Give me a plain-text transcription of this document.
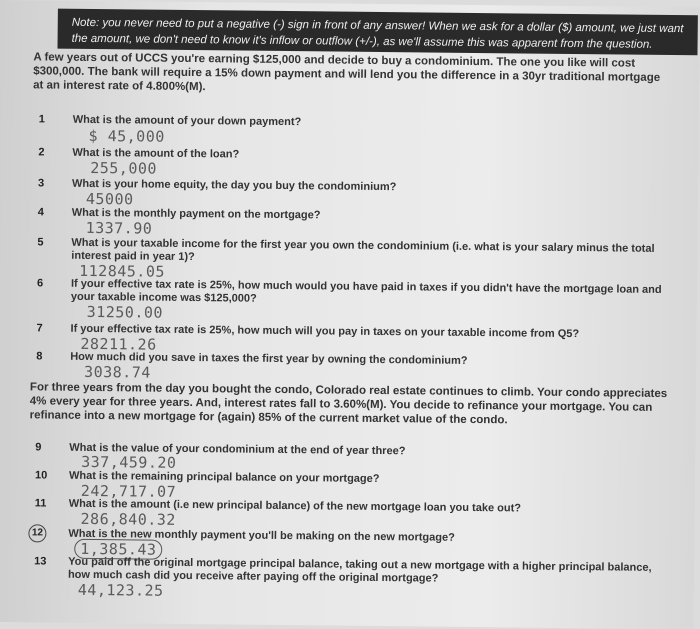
Note: you never need to put a negative (-) sign in front of any answer! When we ask for a dollar ($) amount, we just want the amount, we don't need to know it's inflow or outflow (+/-), as we'll assume this was apparent from the question.
A few years out of UCCS you're earning $125,000 and decide to buy a condominium. The one you like will cost $300,000. The bank will require a 15% down payment and will lend you the difference in a 30yr traditional mortgage at an interest rate of 4.800%(M).
1	What is the amount of your down payment?
$ 45,000
2	What is the amount of the loan?
255,000
3	What is your home equity, the day you buy the condominium?
45000
4	What is the monthly payment on the mortgage?
1337.90
5	What is your taxable income for the first year you own the condominium (i.e. what is your salary minus the total interest paid in year 1)?
112845.05
6	If your effective tax rate is 25%, how much would you have paid in taxes if you didn't have the mortgage loan and your taxable income was $125,000?
31250.00
7	If your effective tax rate is 25%, how much will you pay in taxes on your taxable income from Q5?
28211.26
8	How much did you save in taxes the first year by owning the condominium?
3038.74
For three years from the day you bought the condo, Colorado real estate continues to climb. Your condo appreciates 4% every year for three years. And, interest rates fall to 3.60%(M). You decide to refinance your mortgage. You can refinance into a new mortgage for (again) 85% of the current market value of the condo.
9	What is the value of your condominium at the end of year three?
337,459.20
10	What is the remaining principal balance on your mortgage?
242,717.07
11	What is the amount (i.e new principal balance) of the new mortgage loan you take out?
286,840.32
12	What is the new monthly payment you'll be making on the new mortgage?
1,385.43
13	You paid off the original mortgage principal balance, taking out a new mortgage with a higher principal balance, how much cash did you receive after paying off the original mortgage?
44,123.25
